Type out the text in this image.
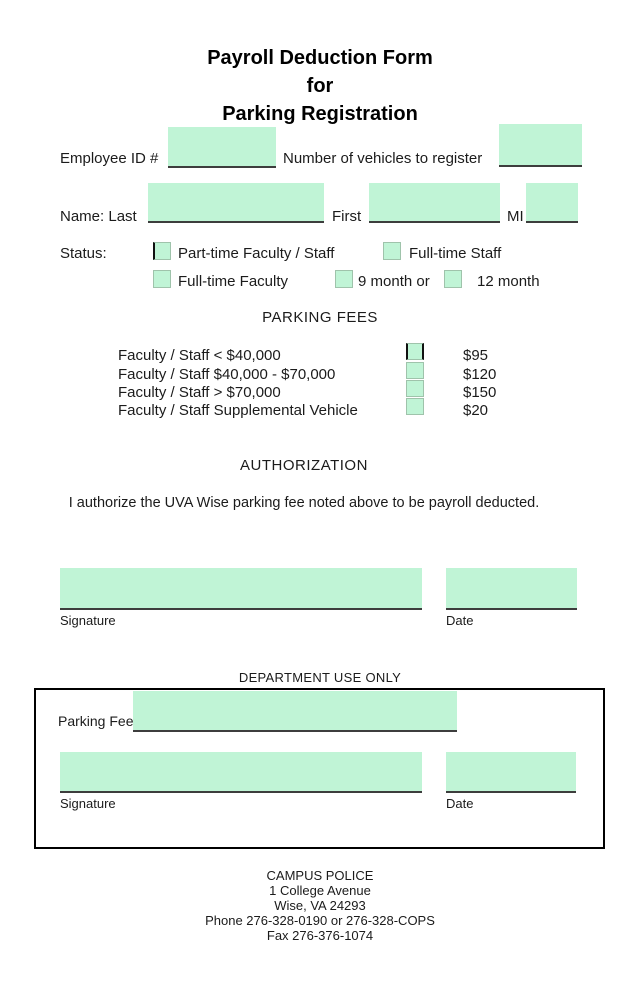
Payroll Deduction Form
for
Parking Registration
Employee ID #	Number of vehicles to register
Name: Last	First	MI
Status:	Part-time Faculty / Staff	Full-time Staff
Full-time Faculty	9 month or	12 month
PARKING FEES
Faculty / Staff < $40,000	$95
Faculty / Staff $40,000 - $70,000	$120
Faculty / Staff > $70,000	$150
Faculty / Staff Supplemental Vehicle	$20
AUTHORIZATION
I authorize the UVA Wise parking fee noted above to be payroll deducted.
Signature	Date
DEPARTMENT USE ONLY
Parking Fee
Signature	Date
CAMPUS POLICE
1 College Avenue
Wise, VA 24293
Phone 276-328-0190 or 276-328-COPS
Fax 276-376-1074
